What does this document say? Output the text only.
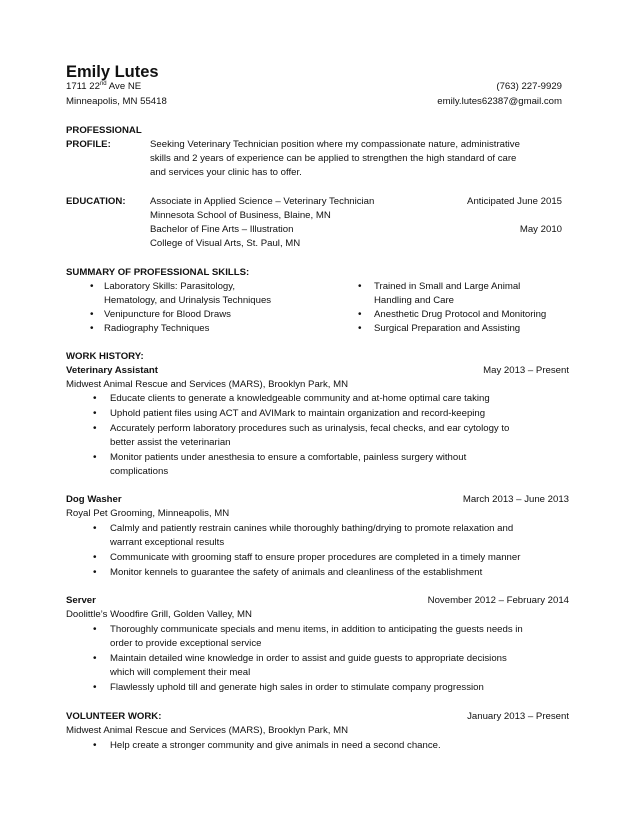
Emily Lutes
1711 22nd Ave NE	(763) 227-9929
Minneapolis, MN 55418	emily.lutes62387@gmail.com
PROFESSIONAL
PROFILE:	Seeking Veterinary Technician position where my compassionate nature, administrative
skills and 2 years of experience can be applied to strengthen the high standard of care
and services your clinic has to offer.
EDUCATION:	Associate in Applied Science – Veterinary Technician	Anticipated June 2015
Minnesota School of Business, Blaine, MN
Bachelor of Fine Arts – Illustration	May 2010
College of Visual Arts, St. Paul, MN
SUMMARY OF PROFESSIONAL SKILLS:
• Laboratory Skills: Parasitology,
Hematology, and Urinalysis Techniques
• Venipuncture for Blood Draws
• Radiography Techniques
• Trained in Small and Large Animal
Handling and Care
• Anesthetic Drug Protocol and Monitoring
• Surgical Preparation and Assisting
WORK HISTORY:
Veterinary Assistant	May 2013 – Present
Midwest Animal Rescue and Services (MARS), Brooklyn Park, MN
• Educate clients to generate a knowledgeable community and at-home optimal care taking
• Uphold patient files using ACT and AVIMark to maintain organization and record-keeping
• Accurately perform laboratory procedures such as urinalysis, fecal checks, and ear cytology to
better assist the veterinarian
• Monitor patients under anesthesia to ensure a comfortable, painless surgery without
complications
Dog Washer	March 2013 – June 2013
Royal Pet Grooming, Minneapolis, MN
• Calmly and patiently restrain canines while thoroughly bathing/drying to promote relaxation and
warrant exceptional results
• Communicate with grooming staff to ensure proper procedures are completed in a timely manner
• Monitor kennels to guarantee the safety of animals and cleanliness of the establishment
Server	November 2012 – February 2014
Doolittle’s Woodfire Grill, Golden Valley, MN
• Thoroughly communicate specials and menu items, in addition to anticipating the guests needs in
order to provide exceptional service
• Maintain detailed wine knowledge in order to assist and guide guests to appropriate decisions
which will complement their meal
• Flawlessly uphold till and generate high sales in order to stimulate company progression
VOLUNTEER WORK:	January 2013 – Present
Midwest Animal Rescue and Services (MARS), Brooklyn Park, MN
• Help create a stronger community and give animals in need a second chance.
